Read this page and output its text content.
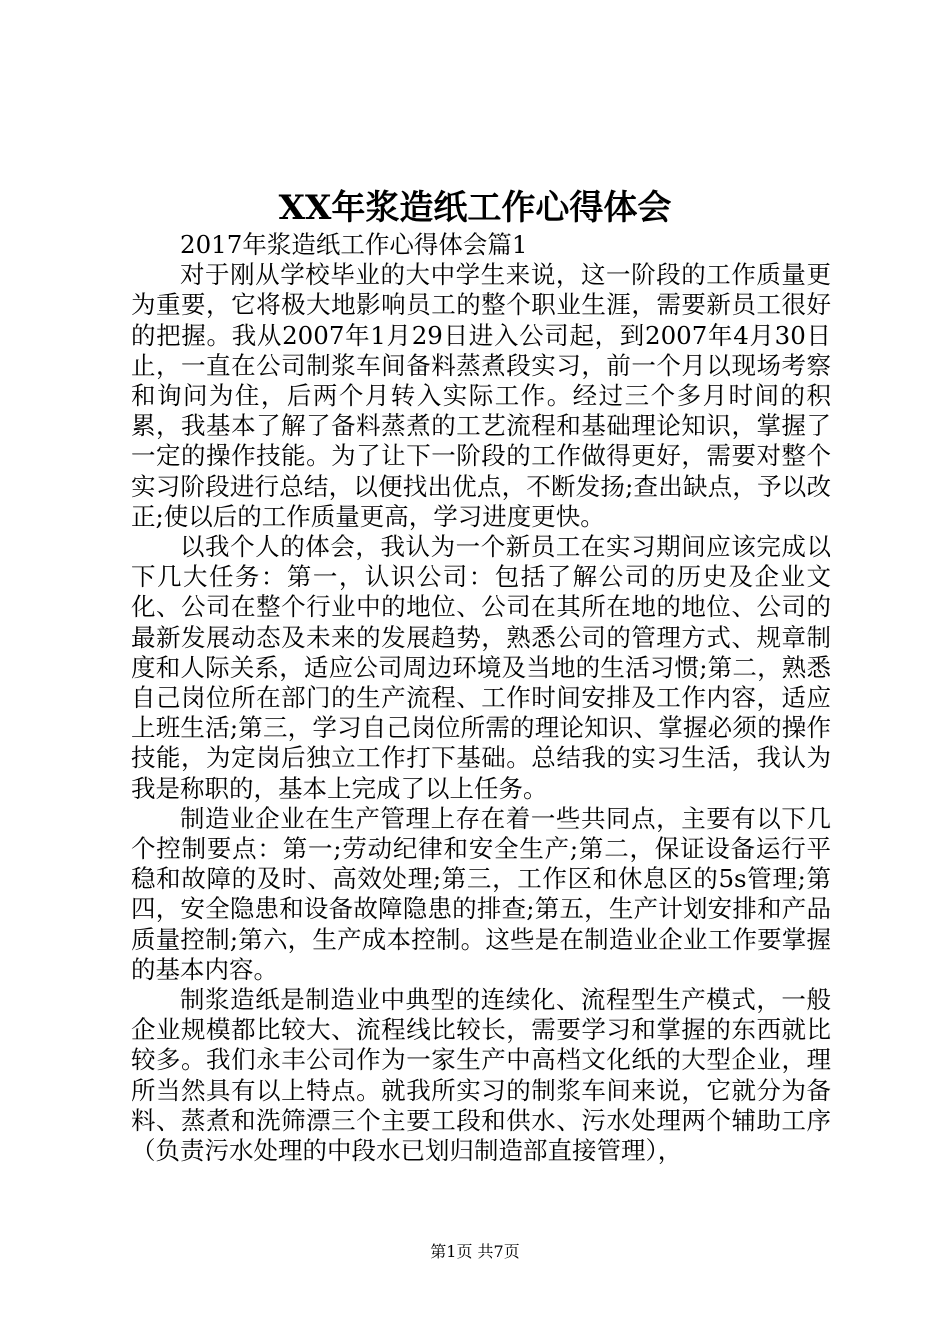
XX年浆造纸工作心得体会

2017年浆造纸工作心得体会篇1

对于刚从学校毕业的大中学生来说，这一阶段的工作质量更为重要，它将极大地影响员工的整个职业生涯，需要新员工很好的把握。我从2007年1月29日进入公司起，到2007年4月30日止，一直在公司制浆车间备料蒸煮段实习，前一个月以现场考察和询问为住，后两个月转入实际工作。经过三个多月时间的积累，我基本了解了备料蒸煮的工艺流程和基础理论知识，掌握了一定的操作技能。为了让下一阶段的工作做得更好，需要对整个实习阶段进行总结，以便找出优点，不断发扬;查出缺点，予以改正;使以后的工作质量更高，学习进度更快。

以我个人的体会，我认为一个新员工在实习期间应该完成以下几大任务：第一，认识公司：包括了解公司的历史及企业文化、公司在整个行业中的地位、公司在其所在地的地位、公司的最新发展动态及未来的发展趋势，熟悉公司的管理方式、规章制度和人际关系，适应公司周边环境及当地的生活习惯;第二，熟悉自己岗位所在部门的生产流程、工作时间安排及工作内容，适应上班生活;第三，学习自己岗位所需的理论知识、掌握必须的操作技能，为定岗后独立工作打下基础。总结我的实习生活，我认为我是称职的，基本上完成了以上任务。

制造业企业在生产管理上存在着一些共同点，主要有以下几个控制要点：第一;劳动纪律和安全生产;第二，保证设备运行平稳和故障的及时、高效处理;第三，工作区和休息区的5s管理;第四，安全隐患和设备故障隐患的排查;第五，生产计划安排和产品质量控制;第六，生产成本控制。这些是在制造业企业工作要掌握的基本内容。

制浆造纸是制造业中典型的连续化、流程型生产模式，一般企业规模都比较大、流程线比较长，需要学习和掌握的东西就比较多。我们永丰公司作为一家生产中高档文化纸的大型企业，理所当然具有以上特点。就我所实习的制浆车间来说，它就分为备料、蒸煮和洗筛漂三个主要工段和供水、污水处理两个辅助工序（负责污水处理的中段水已划归制造部直接管理），

第1页 共7页
